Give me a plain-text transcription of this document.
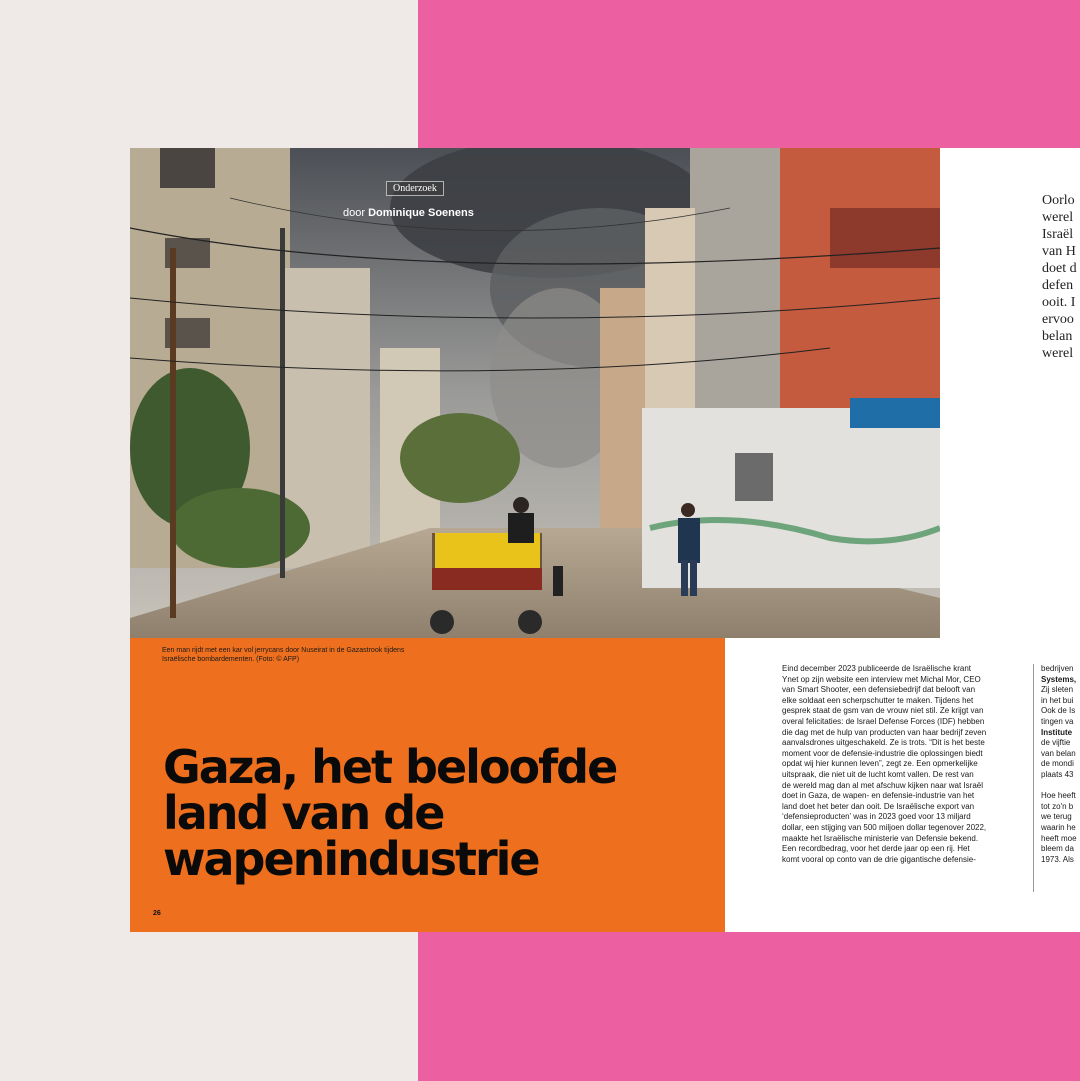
Onderzoek
door Dominique Soenens
Een man rijdt met een kar vol jerrycans door Nuseirat in de Gazastrook tijdens Israëlische bombardementen. (Foto: © AFP)
Gaza, het beloofde
land van de
wapenindustrie
26
Oorlo
werel
Israël
van H
doet d
defen
ooit. I
ervoo
belan
werel
Eind december 2023 publiceerde de Israëlische krant
Ynet op zijn website een interview met Michal Mor, CEO
van Smart Shooter, een defensiebedrijf dat belooft van
elke soldaat een scherpschutter te maken. Tijdens het
gesprek staat de gsm van de vrouw niet stil. Ze krijgt van
overal felicitaties: de Israel Defense Forces (IDF) hebben
die dag met de hulp van producten van haar bedrijf zeven
aanvalsdrones uitgeschakeld. Ze is trots. “Dit is het beste
moment voor de defensie-industrie die oplossingen biedt
opdat wij hier kunnen leven”, zegt ze. Een opmerkelijke
uitspraak, die niet uit de lucht komt vallen. De rest van
de wereld mag dan al met afschuw kijken naar wat Israël
doet in Gaza, de wapen- en defensie-industrie van het
land doet het beter dan ooit. De Israëlische export van
‘defensieproducten’ was in 2023 goed voor 13 miljard
dollar, een stijging van 500 miljoen dollar tegenover 2022,
maakte het Israëlische ministerie van Defensie bekend.
Een recordbedrag, voor het derde jaar op een rij. Het
komt vooral op conto van de drie gigantische defensie-
bedrijven
Systems,
Zij sleten
in het bui
Ook de Is
tingen va
Institute
de vijftie
van belan
de mondi
plaats 43

Hoe heeft
tot zo'n b
we terug
waarin he
heeft moe
bleem da
1973. Als
